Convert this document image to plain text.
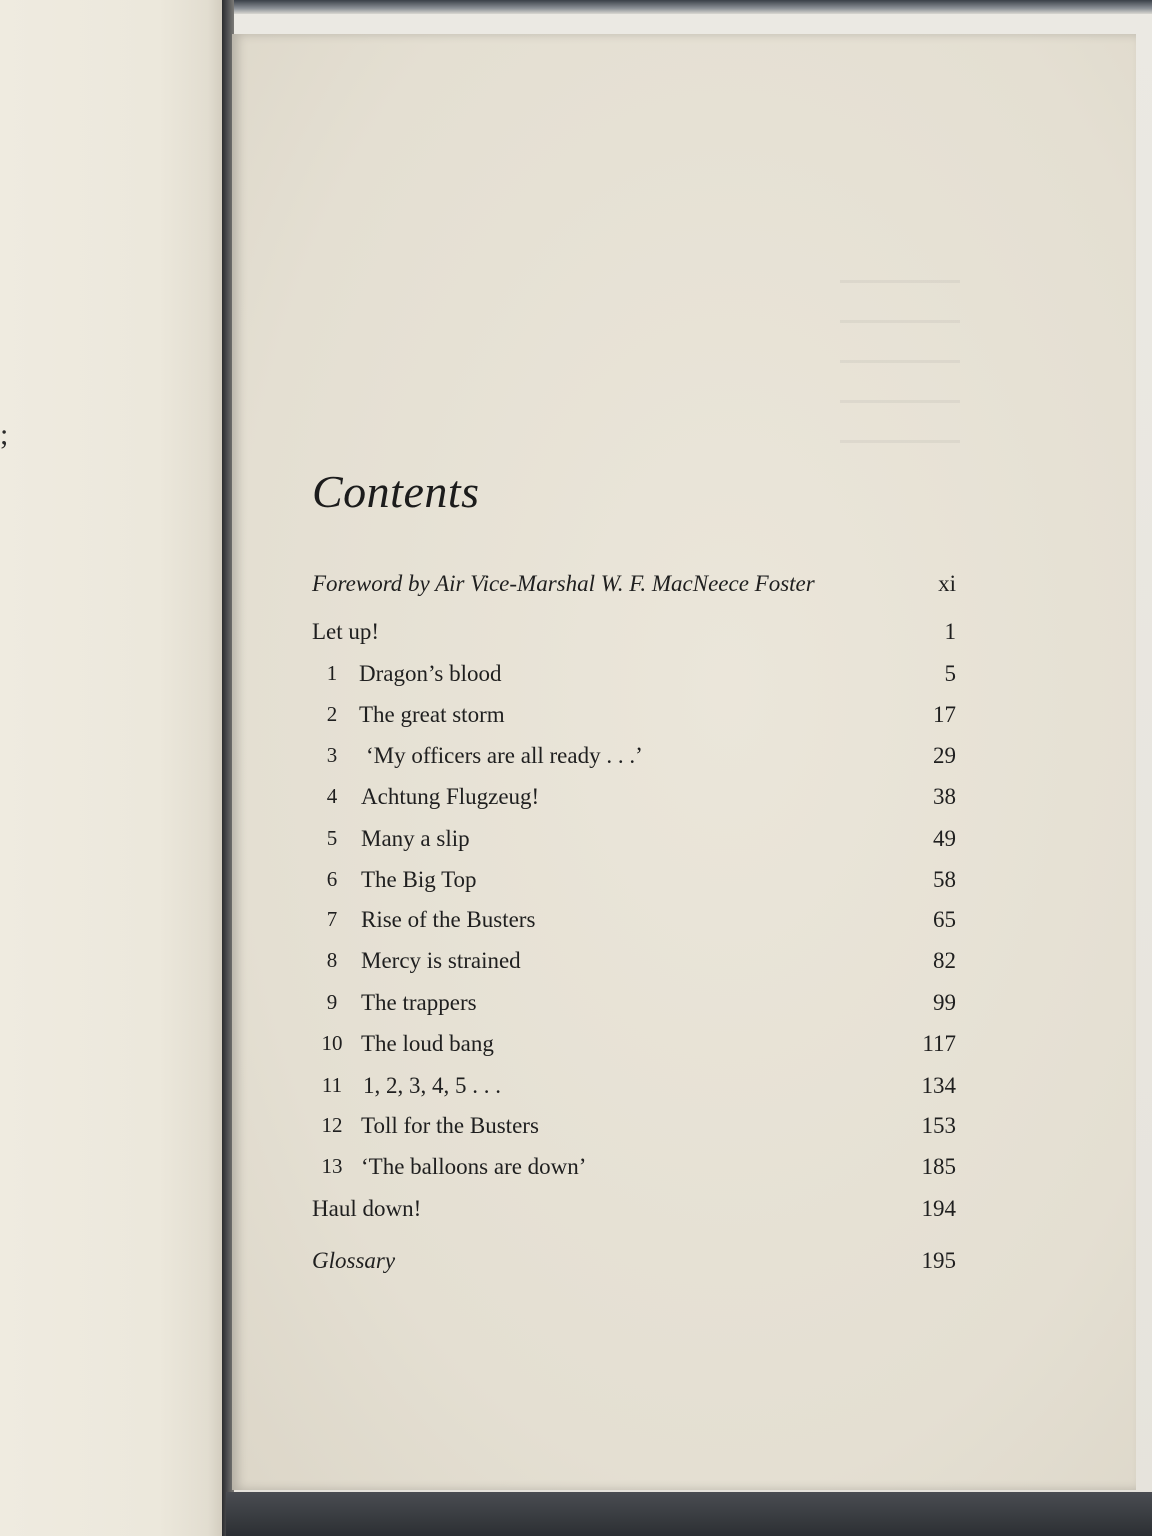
;
Contents
Foreword by Air Vice-Marshal W. F. MacNeece Foster	xi
Let up!	1
1 Dragon’s blood	5
2 The great storm	17
3	‘My officers are all ready . . .’	29
4	Achtung Flugzeug!	38
5	Many a slip	49
6	The Big Top	58
7	Rise of the Busters	65
8	Mercy is strained	82
9	The trappers	99
10 The loud bang	117
11 1, 2, 3, 4, 5 . . .	134
12 Toll for the Busters	153
13 ‘The balloons are down’	185
Haul down!	194
Glossary	195
